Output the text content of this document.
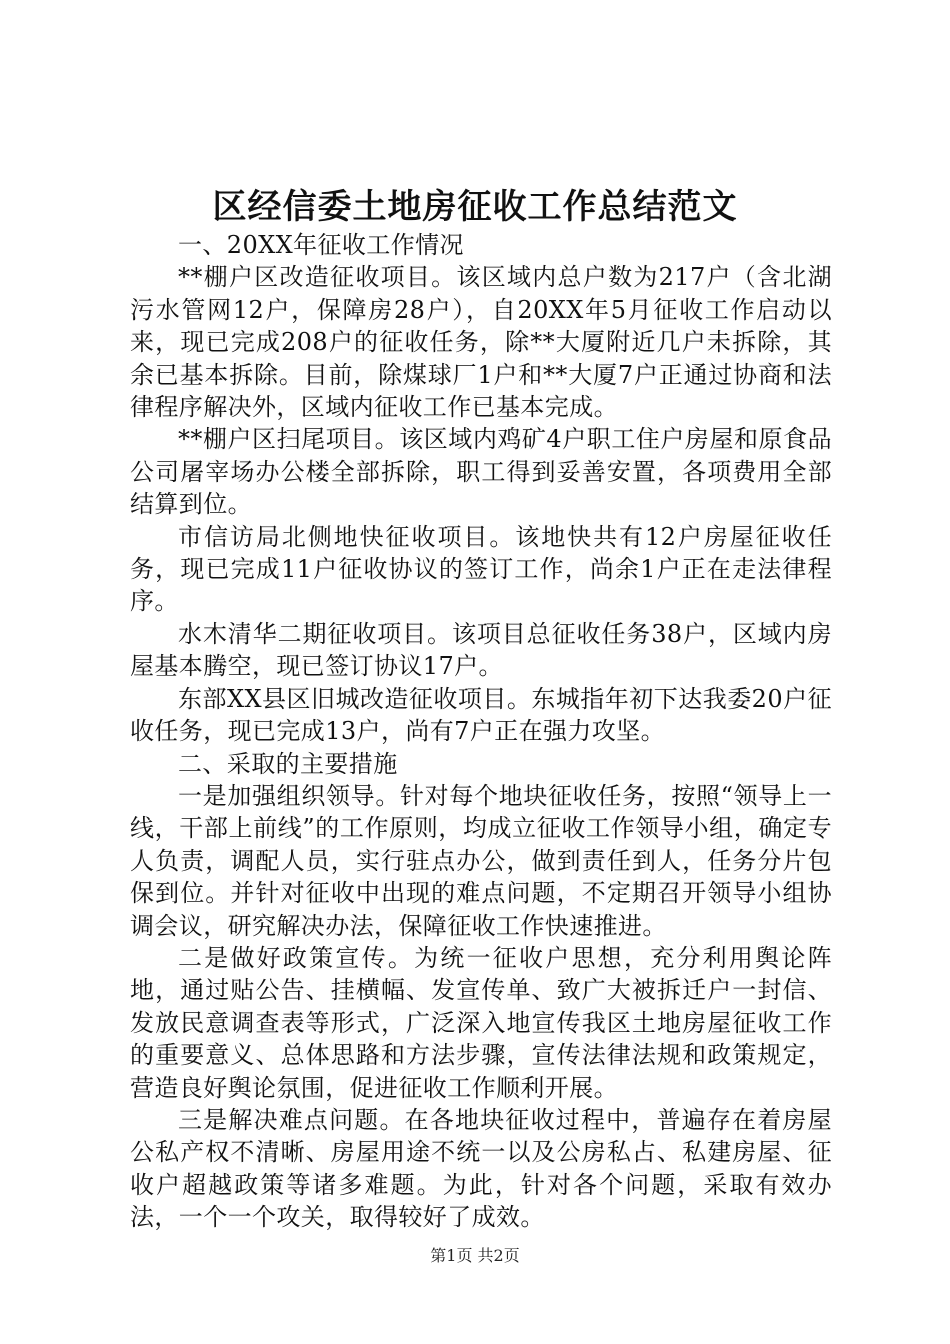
区经信委土地房征收工作总结范文

一、20XX年征收工作情况

**棚户区改造征收项目。该区域内总户数为217户（含北湖污水管网12户，保障房28户），自20XX年5月征收工作启动以来，现已完成208户的征收任务，除**大厦附近几户未拆除，其余已基本拆除。目前，除煤球厂1户和**大厦7户正通过协商和法律程序解决外，区域内征收工作已基本完成。

**棚户区扫尾项目。该区域内鸡矿4户职工住户房屋和原食品公司屠宰场办公楼全部拆除，职工得到妥善安置，各项费用全部结算到位。

市信访局北侧地快征收项目。该地快共有12户房屋征收任务，现已完成11户征收协议的签订工作，尚余1户正在走法律程序。

水木清华二期征收项目。该项目总征收任务38户，区域内房屋基本腾空，现已签订协议17户。

东部XX县区旧城改造征收项目。东城指年初下达我委20户征收任务，现已完成13户，尚有7户正在强力攻坚。

二、采取的主要措施

一是加强组织领导。针对每个地块征收任务，按照“领导上一线，干部上前线”的工作原则，均成立征收工作领导小组，确定专人负责，调配人员，实行驻点办公，做到责任到人，任务分片包保到位。并针对征收中出现的难点问题，不定期召开领导小组协调会议，研究解决办法，保障征收工作快速推进。

二是做好政策宣传。为统一征收户思想，充分利用舆论阵地，通过贴公告、挂横幅、发宣传单、致广大被拆迁户一封信、发放民意调查表等形式，广泛深入地宣传我区土地房屋征收工作的重要意义、总体思路和方法步骤，宣传法律法规和政策规定，营造良好舆论氛围，促进征收工作顺利开展。

三是解决难点问题。在各地块征收过程中，普遍存在着房屋公私产权不清晰、房屋用途不统一以及公房私占、私建房屋、征收户超越政策等诸多难题。为此，针对各个问题，采取有效办法，一个一个攻关，取得较好了成效。

第1页 共2页
